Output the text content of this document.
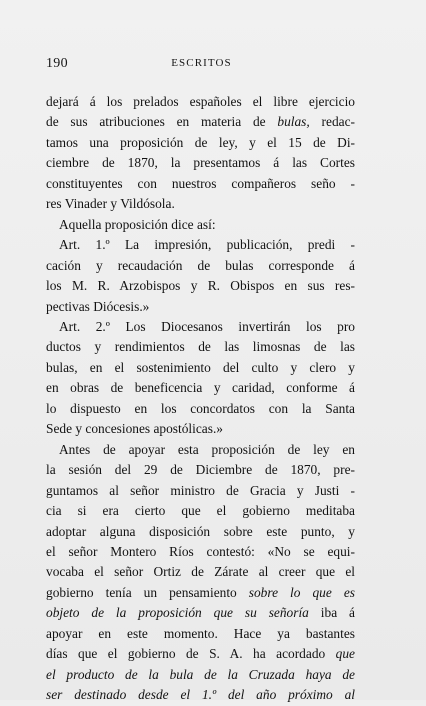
190	ESCRITOS
dejará á los prelados españoles el libre ejercicio
de sus atribuciones en materia de bulas, redac-
tamos una proposición de ley, y el 15 de Di-
ciembre de 1870, la presentamos á las Cortes
constituyentes con nuestros compañeros seño -
res Vinader y Vildósola.
Aquella proposición dice así:
Art. 1.º La impresión, publicación, predi -
cación y recaudación de bulas corresponde á
los M. R. Arzobispos y R. Obispos en sus res-
pectivas Diócesis.»
Art. 2.º Los Diocesanos invertirán los pro
ductos y rendimientos de las limosnas de las
bulas, en el sostenimiento del culto y clero y
en obras de beneficencia y caridad, conforme á
lo dispuesto en los concordatos con la Santa
Sede y concesiones apostólicas.»
Antes de apoyar esta proposición de ley en
la sesión del 29 de Diciembre de 1870, pre-
guntamos al señor ministro de Gracia y Justi -
cia si era cierto que el gobierno meditaba
adoptar alguna disposición sobre este punto, y
el señor Montero Ríos contestó: «No se equi-
vocaba el señor Ortiz de Zárate al creer que el
gobierno tenía un pensamiento sobre lo que es
objeto de la proposición que su señoría iba á
apoyar en este momento. Hace ya bastantes
días que el gobierno de S. A. ha acordado que
el producto de la bula de la Cruzada haya de
ser destinado desde el 1.º del año próximo al
